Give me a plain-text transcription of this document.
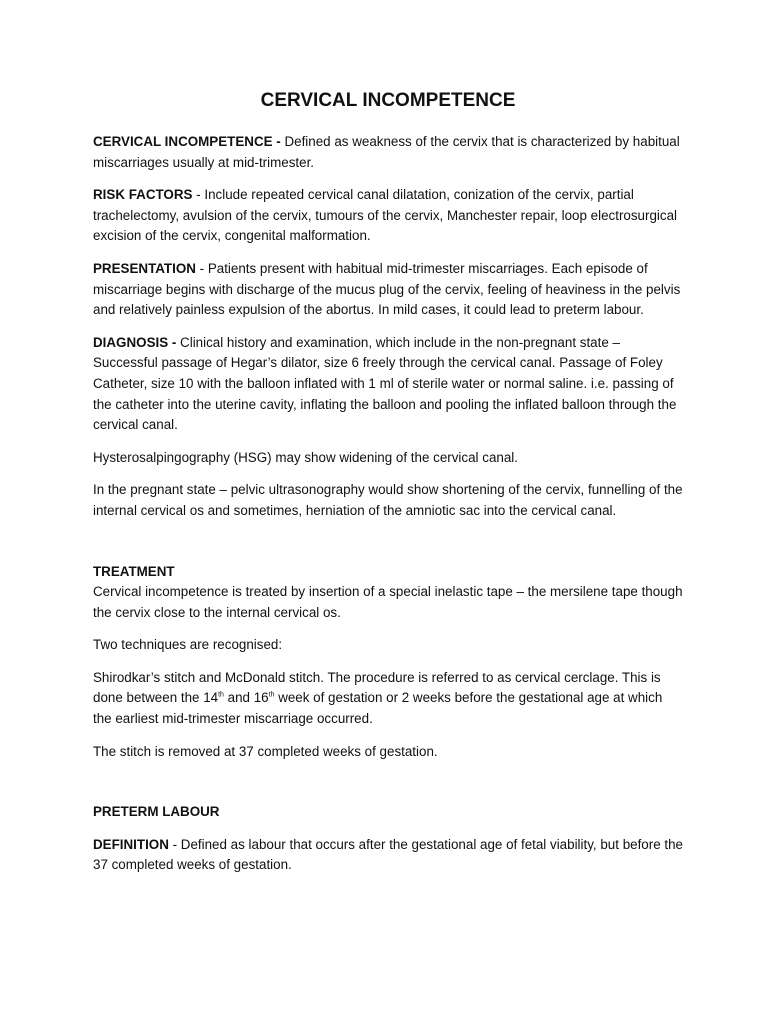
CERVICAL INCOMPETENCE

CERVICAL INCOMPETENCE - Defined as weakness of the cervix that is characterized by habitual miscarriages usually at mid-trimester.

RISK FACTORS - Include repeated cervical canal dilatation, conization of the cervix, partial trachelectomy, avulsion of the cervix, tumours of the cervix, Manchester repair, loop electrosurgical excision of the cervix, congenital malformation.

PRESENTATION - Patients present with habitual mid-trimester miscarriages. Each episode of miscarriage begins with discharge of the mucus plug of the cervix, feeling of heaviness in the pelvis and relatively painless expulsion of the abortus. In mild cases, it could lead to preterm labour.

DIAGNOSIS - Clinical history and examination, which include in the non-pregnant state – Successful passage of Hegar’s dilator, size 6 freely through the cervical canal. Passage of Foley Catheter, size 10 with the balloon inflated with 1 ml of sterile water or normal saline. i.e. passing of the catheter into the uterine cavity, inflating the balloon and pooling the inflated balloon through the cervical canal.

Hysterosalpingography (HSG) may show widening of the cervical canal.

In the pregnant state – pelvic ultrasonography would show shortening of the cervix, funnelling of the internal cervical os and sometimes, herniation of the amniotic sac into the cervical canal.

TREATMENT

Cervical incompetence is treated by insertion of a special inelastic tape – the mersilene tape though the cervix close to the internal cervical os.

Two techniques are recognised:

Shirodkar’s stitch and McDonald stitch. The procedure is referred to as cervical cerclage. This is done between the 14th and 16th week of gestation or 2 weeks before the gestational age at which the earliest mid-trimester miscarriage occurred.

The stitch is removed at 37 completed weeks of gestation.

PRETERM LABOUR

DEFINITION - Defined as labour that occurs after the gestational age of fetal viability, but before the 37 completed weeks of gestation.
